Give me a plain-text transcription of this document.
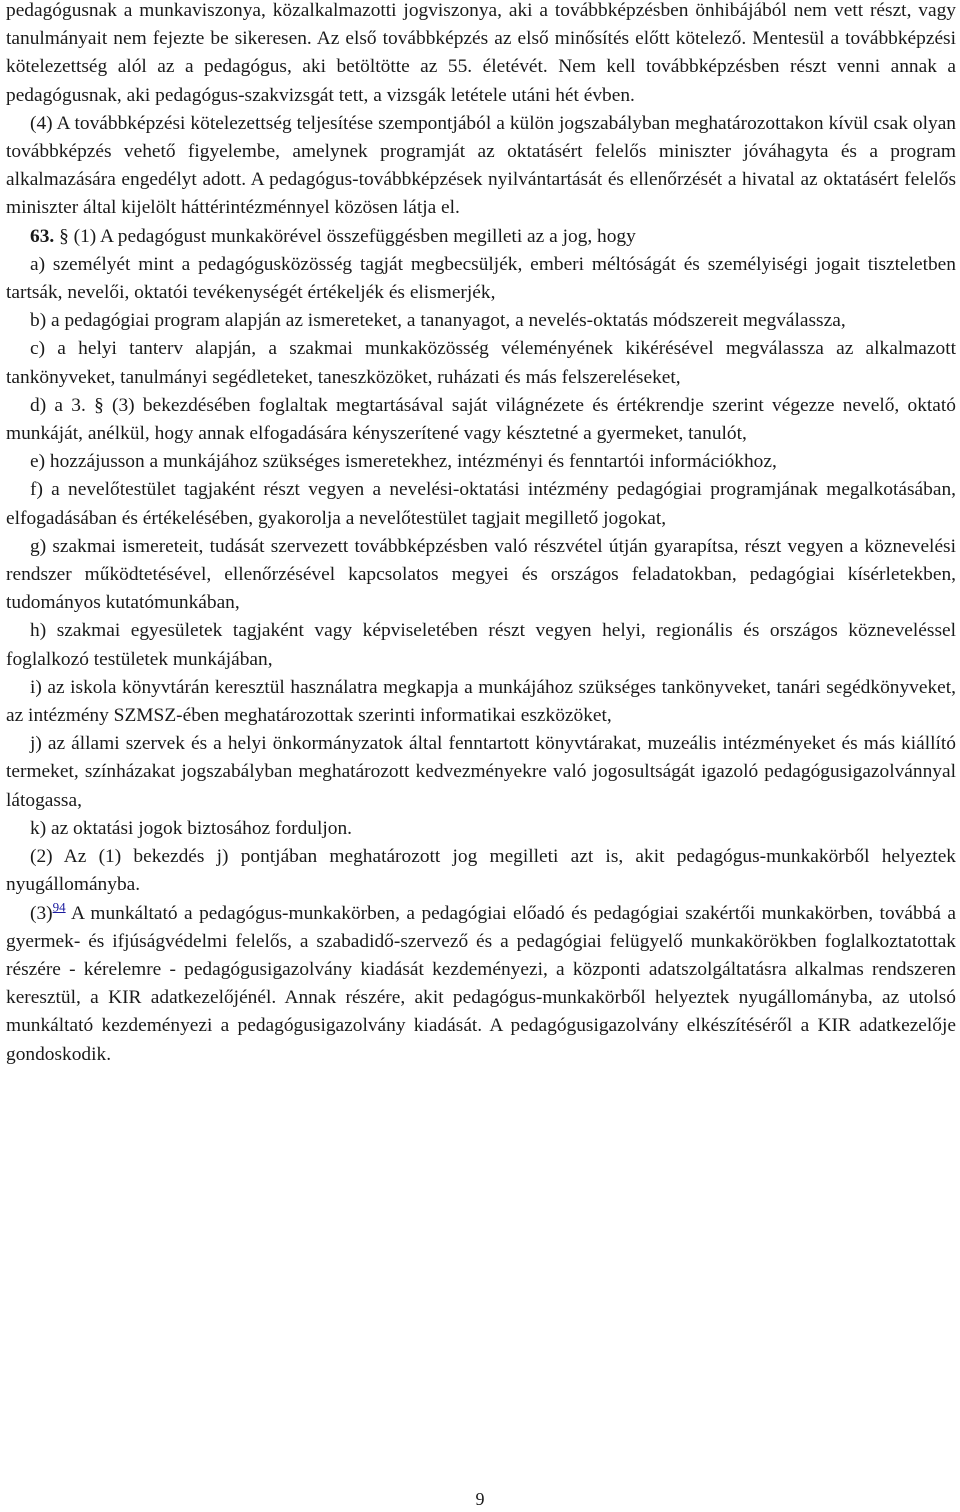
pedagógusnak a munkaviszonya, közalkalmazotti jogviszonya, aki a továbbképzésben önhibájából nem vett részt, vagy tanulmányait nem fejezte be sikeresen. Az első továbbképzés az első minősítés előtt kötelező. Mentesül a továbbképzési kötelezettség alól az a pedagógus, aki betöltötte az 55. életévét. Nem kell továbbképzésben részt venni annak a pedagógusnak, aki pedagógus-szakvizsgát tett, a vizsgák letétele utáni hét évben.

(4) A továbbképzési kötelezettség teljesítése szempontjából a külön jogszabályban meghatározottakon kívül csak olyan továbbképzés vehető figyelembe, amelynek programját az oktatásért felelős miniszter jóváhagyta és a program alkalmazására engedélyt adott. A pedagógus-továbbképzések nyilvántartását és ellenőrzését a hivatal az oktatásért felelős miniszter által kijelölt háttérintézménnyel közösen látja el.

63. § (1) A pedagógust munkakörével összefüggésben megilleti az a jog, hogy

a) személyét mint a pedagógusközösség tagját megbecsüljék, emberi méltóságát és személyiségi jogait tiszteletben tartsák, nevelői, oktatói tevékenységét értékeljék és elismerjék,

b) a pedagógiai program alapján az ismereteket, a tananyagot, a nevelés-oktatás módszereit megválassza,

c) a helyi tanterv alapján, a szakmai munkaközösség véleményének kikérésével megválassza az alkalmazott tankönyveket, tanulmányi segédleteket, taneszközöket, ruházati és más felszereléseket,

d) a 3. § (3) bekezdésében foglaltak megtartásával saját világnézete és értékrendje szerint végezze nevelő, oktató munkáját, anélkül, hogy annak elfogadására kényszerítené vagy késztetné a gyermeket, tanulót,

e) hozzájusson a munkájához szükséges ismeretekhez, intézményi és fenntartói információkhoz,

f) a nevelőtestület tagjaként részt vegyen a nevelési-oktatási intézmény pedagógiai programjának megalkotásában, elfogadásában és értékelésében, gyakorolja a nevelőtestület tagjait megillető jogokat,

g) szakmai ismereteit, tudását szervezett továbbképzésben való részvétel útján gyarapítsa, részt vegyen a köznevelési rendszer működtetésével, ellenőrzésével kapcsolatos megyei és országos feladatokban, pedagógiai kísérletekben, tudományos kutatómunkában,

h) szakmai egyesületek tagjaként vagy képviseletében részt vegyen helyi, regionális és országos közneveléssel foglalkozó testületek munkájában,

i) az iskola könyvtárán keresztül használatra megkapja a munkájához szükséges tankönyveket, tanári segédkönyveket, az intézmény SZMSZ-ében meghatározottak szerinti informatikai eszközöket,

j) az állami szervek és a helyi önkormányzatok által fenntartott könyvtárakat, muzeális intézményeket és más kiállító termeket, színházakat jogszabályban meghatározott kedvezményekre való jogosultságát igazoló pedagógusigazolvánnyal látogassa,

k) az oktatási jogok biztosához forduljon.

(2) Az (1) bekezdés j) pontjában meghatározott jog megilleti azt is, akit pedagógus-munkakörből helyeztek nyugállományba.

(3)$^{94}$ A munkáltató a pedagógus-munkakörben, a pedagógiai előadó és pedagógiai szakértői munkakörben, továbbá a gyermek- és ifjúságvédelmi felelős, a szabadidő-szervező és a pedagógiai felügyelő munkakörökben foglalkoztatottak részére - kérelemre - pedagógusigazolvány kiadását kezdeményezi, a központi adatszolgáltatásra alkalmas rendszeren keresztül, a KIR adatkezelőjénél. Annak részére, akit pedagógus-munkakörből helyeztek nyugállományba, az utolsó munkáltató kezdeményezi a pedagógusigazolvány kiadását. A pedagógusigazolvány elkészítéséről a KIR adatkezelője gondoskodik.

9
